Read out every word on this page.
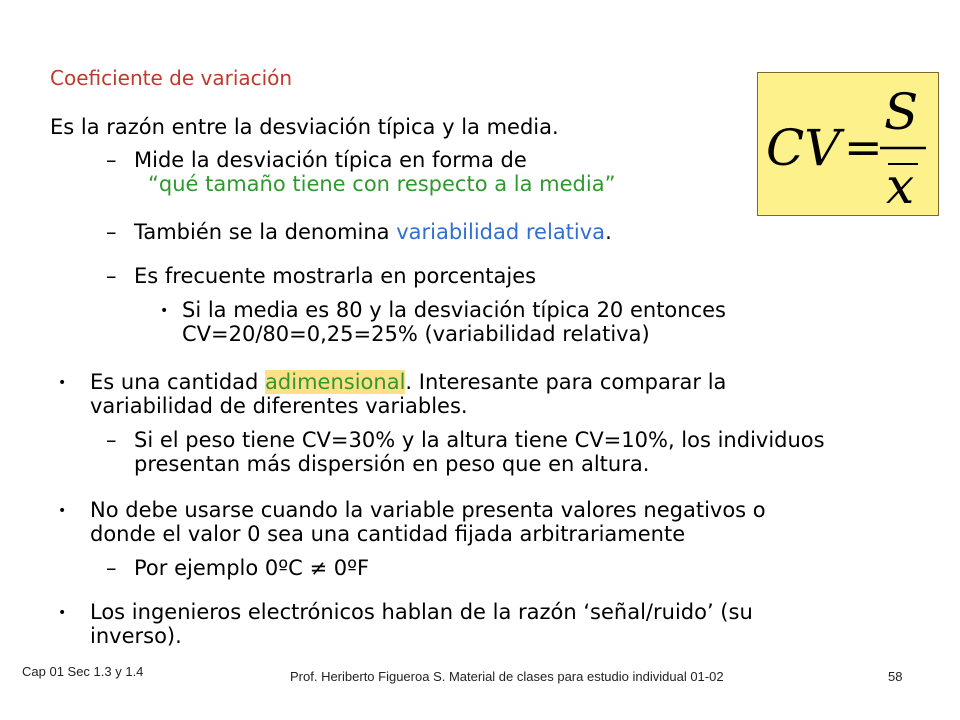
Coeficiente de variación
Es la razón entre la desviación típica y la media.
– Mide la desviación típica en forma de
“qué tamaño tiene con respecto a la media”
– También se la denomina variabilidad relativa.
– Es frecuente mostrarla en porcentajes
• Si la media es 80 y la desviación típica 20 entonces
CV=20/80=0,25=25% (variabilidad relativa)
• Es una cantidad adimensional. Interesante para comparar la
variabilidad de diferentes variables.
– Si el peso tiene CV=30% y la altura tiene CV=10%, los individuos
presentan más dispersión en peso que en altura.
• No debe usarse cuando la variable presenta valores negativos o
donde el valor 0 sea una cantidad fijada arbitrariamente
– Por ejemplo 0ºC ≠ 0ºF
• Los ingenieros electrónicos hablan de la razón ‘señal/ruido’ (su
inverso).
CV =
S
x
Cap 01 Sec 1.3 y 1.4	Prof. Heriberto Figueroa S. Material de clases para estudio individual 01-02	58
